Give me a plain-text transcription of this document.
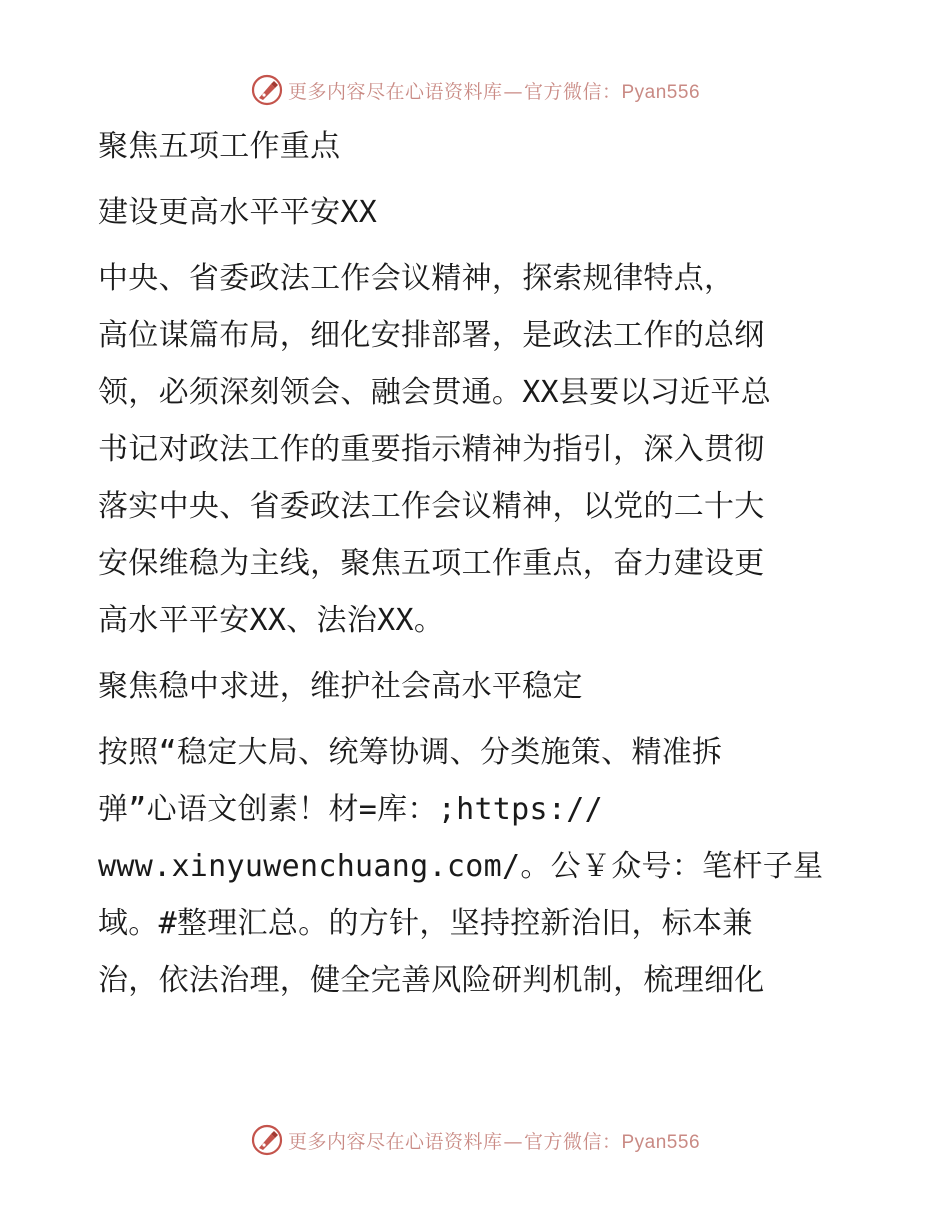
更多内容尽在心语资料库—官方微信：Pyan556
聚焦五项工作重点
建设更高水平平安XX
中央、省委政法工作会议精神，探索规律特点，
高位谋篇布局，细化安排部署，是政法工作的总纲
领，必须深刻领会、融会贯通。XX县要以习近平总
书记对政法工作的重要指示精神为指引，深入贯彻
落实中央、省委政法工作会议精神，以党的二十大
安保维稳为主线，聚焦五项工作重点，奋力建设更
高水平平安XX、法治XX。
聚焦稳中求进，维护社会高水平稳定
按照“稳定大局、统筹协调、分类施策、精准拆
弹”心语文创素！材=库：;https://
www.xinyuwenchuang.com/。公￥众号：笔杆子星
域。#整理汇总。的方针，坚持控新治旧，标本兼
治，依法治理，健全完善风险研判机制，梳理细化
更多内容尽在心语资料库—官方微信：Pyan556
